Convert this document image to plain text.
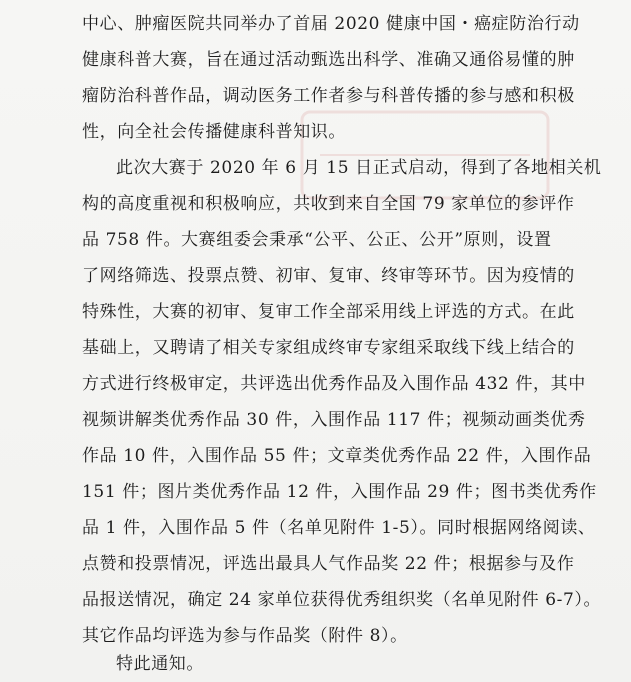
中心、肿瘤医院共同举办了首届 2020 健康中国・癌症防治行动
健康科普大赛，旨在通过活动甄选出科学、准确又通俗易懂的肿
瘤防治科普作品，调动医务工作者参与科普传播的参与感和积极
性，向全社会传播健康科普知识。
此次大赛于 2020 年 6 月 15 日正式启动，得到了各地相关机
构的高度重视和积极响应，共收到来自全国 79 家单位的参评作
品 758 件。大赛组委会秉承“公平、公正、公开”原则，设置
了网络筛选、投票点赞、初审、复审、终审等环节。因为疫情的
特殊性，大赛的初审、复审工作全部采用线上评选的方式。在此
基础上，又聘请了相关专家组成终审专家组采取线下线上结合的
方式进行终极审定，共评选出优秀作品及入围作品 432 件，其中
视频讲解类优秀作品 30 件，入围作品 117 件；视频动画类优秀
作品 10 件，入围作品 55 件；文章类优秀作品 22 件，入围作品
151 件；图片类优秀作品 12 件，入围作品 29 件；图书类优秀作
品 1 件，入围作品 5 件（名单见附件 1-5）。同时根据网络阅读、
点赞和投票情况，评选出最具人气作品奖 22 件；根据参与及作
品报送情况，确定 24 家单位获得优秀组织奖（名单见附件 6-7）。
其它作品均评选为参与作品奖（附件 8）。
特此通知。
